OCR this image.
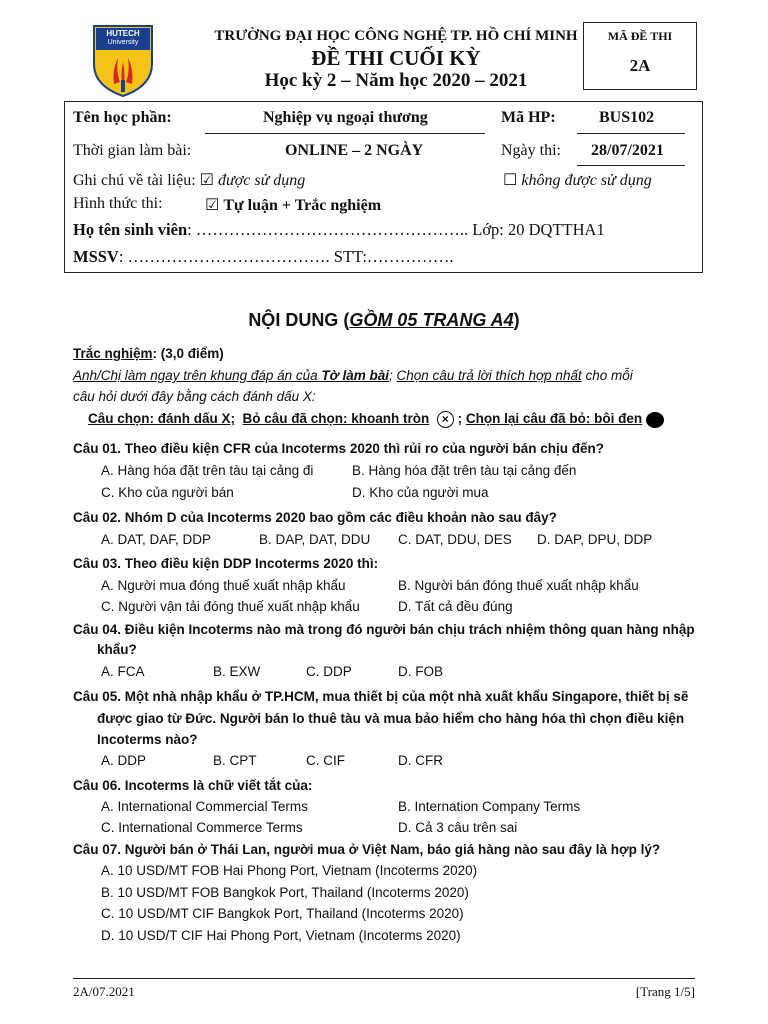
HUTECH
University	TRƯỜNG ĐẠI HỌC CÔNG NGHỆ TP. HỒ CHÍ MINH
ĐỀ THI CUỐI KỲ
Học kỳ 2 – Năm học 2020 – 2021
MÃ ĐỀ THI
2A
Tên học phần:	Nghiệp vụ ngoại thương	Mã HP:	BUS102
Thời gian làm bài:	ONLINE – 2 NGÀY	Ngày thi: 28/07/2021
Ghi chú về tài liệu: ☑ được sử dụng	☐ không được sử dụng
Hình thức thi:	☑ Tự luận + Trắc nghiệm
Họ tên sinh viên: ………………………………………….. Lớp: 20 DQTTHA1
MSSV: ………………………………. STT:…………….
NỘI DUNG (GỒM 05 TRANG A4)
Trắc nghiệm: (3,0 điểm)
Anh/Chị làm ngay trên khung đáp án của Tờ làm bài; Chọn câu trả lời thích hợp nhất cho mỗi
câu hỏi dưới đây bằng cách đánh dấu X:
Câu chọn: đánh dấu X; Bỏ câu đã chọn: khoanh tròn × ; Chọn lại câu đã bỏ: bôi đen
Câu 01. Theo điều kiện CFR của Incoterms 2020 thì rủi ro của người bán chịu đến?
A. Hàng hóa đặt trên tàu tại cảng đi	B. Hàng hóa đặt trên tàu tại cảng đến
C. Kho của người bán	D. Kho của người mua
Câu 02. Nhóm D của Incoterms 2020 bao gồm các điều khoản nào sau đây?
A. DAT, DAF, DDP	B. DAP, DAT, DDU C. DAT, DDU, DES D. DAP, DPU, DDP
Câu 03. Theo điều kiện DDP Incoterms 2020 thì:
A. Người mua đóng thuế xuất nhập khẩu	B. Người bán đóng thuế xuất nhập khẩu
C. Người vận tải đóng thuế xuất nhập khẩu	D. Tất cả đều đúng
Câu 04. Điều kiện Incoterms nào mà trong đó người bán chịu trách nhiệm thông quan hàng nhập
khẩu?
A. FCA	B. EXW	C. DDP	D. FOB
Câu 05. Một nhà nhập khẩu ở TP.HCM, mua thiết bị của một nhà xuất khẩu Singapore, thiết bị sẽ
được giao từ Đức. Người bán lo thuê tàu và mua bảo hiểm cho hàng hóa thì chọn điều kiện
Incoterms nào?
A. DDP	B. CPT	C. CIF	D. CFR
Câu 06. Incoterms là chữ viết tắt của:
A. International Commercial Terms	B. Internation Company Terms
C. International Commerce Terms	D. Cả 3 câu trên sai
Câu 07. Người bán ở Thái Lan, người mua ở Việt Nam, báo giá hàng nào sau đây là hợp lý?
A. 10 USD/MT FOB Hai Phong Port, Vietnam (Incoterms 2020)
B. 10 USD/MT FOB Bangkok Port, Thailand (Incoterms 2020)
C. 10 USD/MT CIF Bangkok Port, Thailand (Incoterms 2020)
D. 10 USD/T CIF Hai Phong Port, Vietnam (Incoterms 2020)
2A/07.2021	[Trang 1/5]
